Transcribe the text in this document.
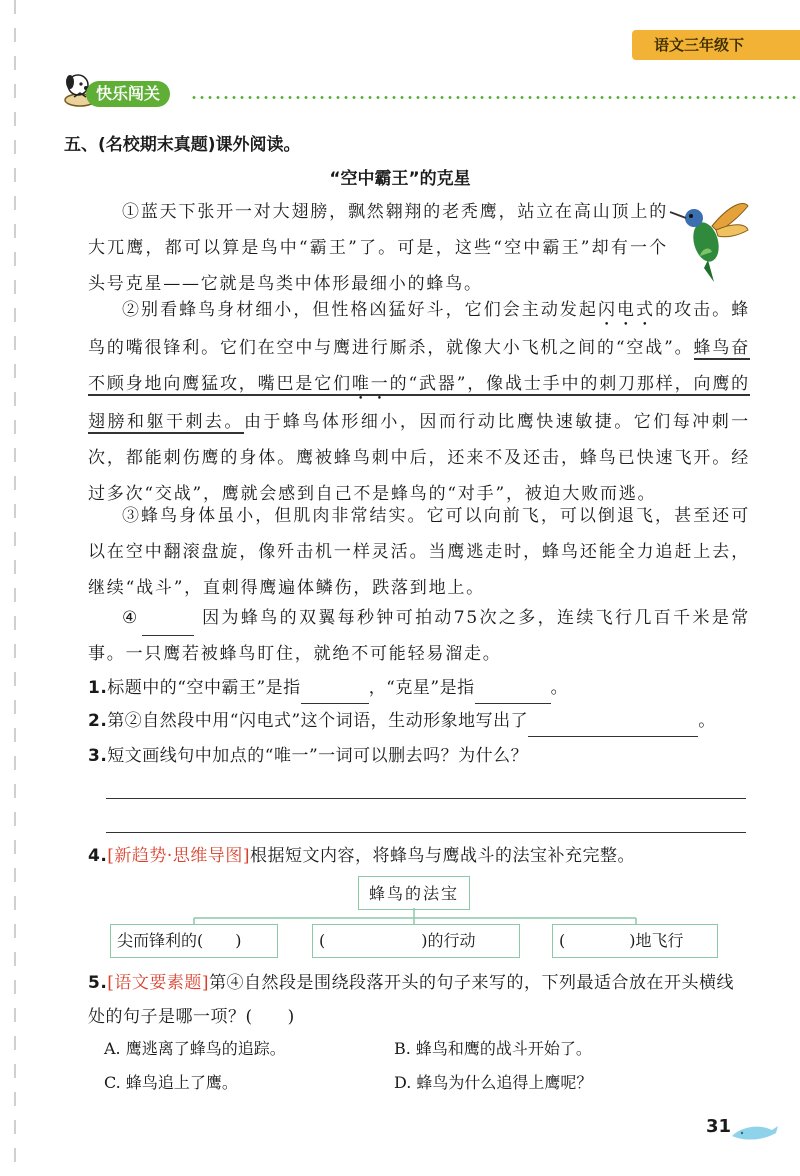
语文三年级下
快乐闯关
五、(名校期末真题)课外阅读。
“空中霸王”的克星

①蓝天下张开一对大翅膀，飘然翱翔的老秃鹰，站立在高山顶上的大兀鹰，都可以算是鸟中“霸王”了。可是，这些“空中霸王”却有一个头号克星——它就是鸟类中体形最细小的蜂鸟。

②别看蜂鸟身材细小，但性格凶猛好斗，它们会主动发起闪电式的攻击。蜂鸟的嘴很锋利。它们在空中与鹰进行厮杀，就像大小飞机之间的“空战”。蜂鸟奋不顾身地向鹰猛攻，嘴巴是它们唯一的“武器”，像战士手中的刺刀那样，向鹰的翅膀和躯干刺去。由于蜂鸟体形细小，因而行动比鹰快速敏捷。它们每冲刺一次，都能刺伤鹰的身体。鹰被蜂鸟刺中后，还来不及还击，蜂鸟已快速飞开。经过多次“交战”，鹰就会感到自己不是蜂鸟的“对手”，被迫大败而逃。

③蜂鸟身体虽小，但肌肉非常结实。它可以向前飞，可以倒退飞，甚至还可以在空中翻滚盘旋，像歼击机一样灵活。当鹰逃走时，蜂鸟还能全力追赶上去，继续“战斗”，直刺得鹰遍体鳞伤，跌落到地上。

④	因为蜂鸟的双翼每秒钟可拍动75次之多，连续飞行几百千米是常事。一只鹰若被蜂鸟盯住，就绝不可能轻易溜走。

1.标题中的“空中霸王”是指	，“克星”是指	。
2.第②自然段中用“闪电式”这个词语，生动形象地写出了	。
3.短文画线句中加点的“唯一”一词可以删去吗？为什么？
4.[新趋势·思维导图]根据短文内容，将蜂鸟与鹰战斗的法宝补充完整。
蜂鸟的法宝
尖而锋利的(　　)	(　　　　　　)的行动	(　　　　)地飞行
5.[语文要素题]第④自然段是围绕段落开头的句子来写的，下列最适合放在开头横线处的句子是哪一项？(　　)
A. 鹰逃离了蜂鸟的追踪。	B. 蜂鸟和鹰的战斗开始了。
C. 蜂鸟追上了鹰。	D. 蜂鸟为什么追得上鹰呢？
31
